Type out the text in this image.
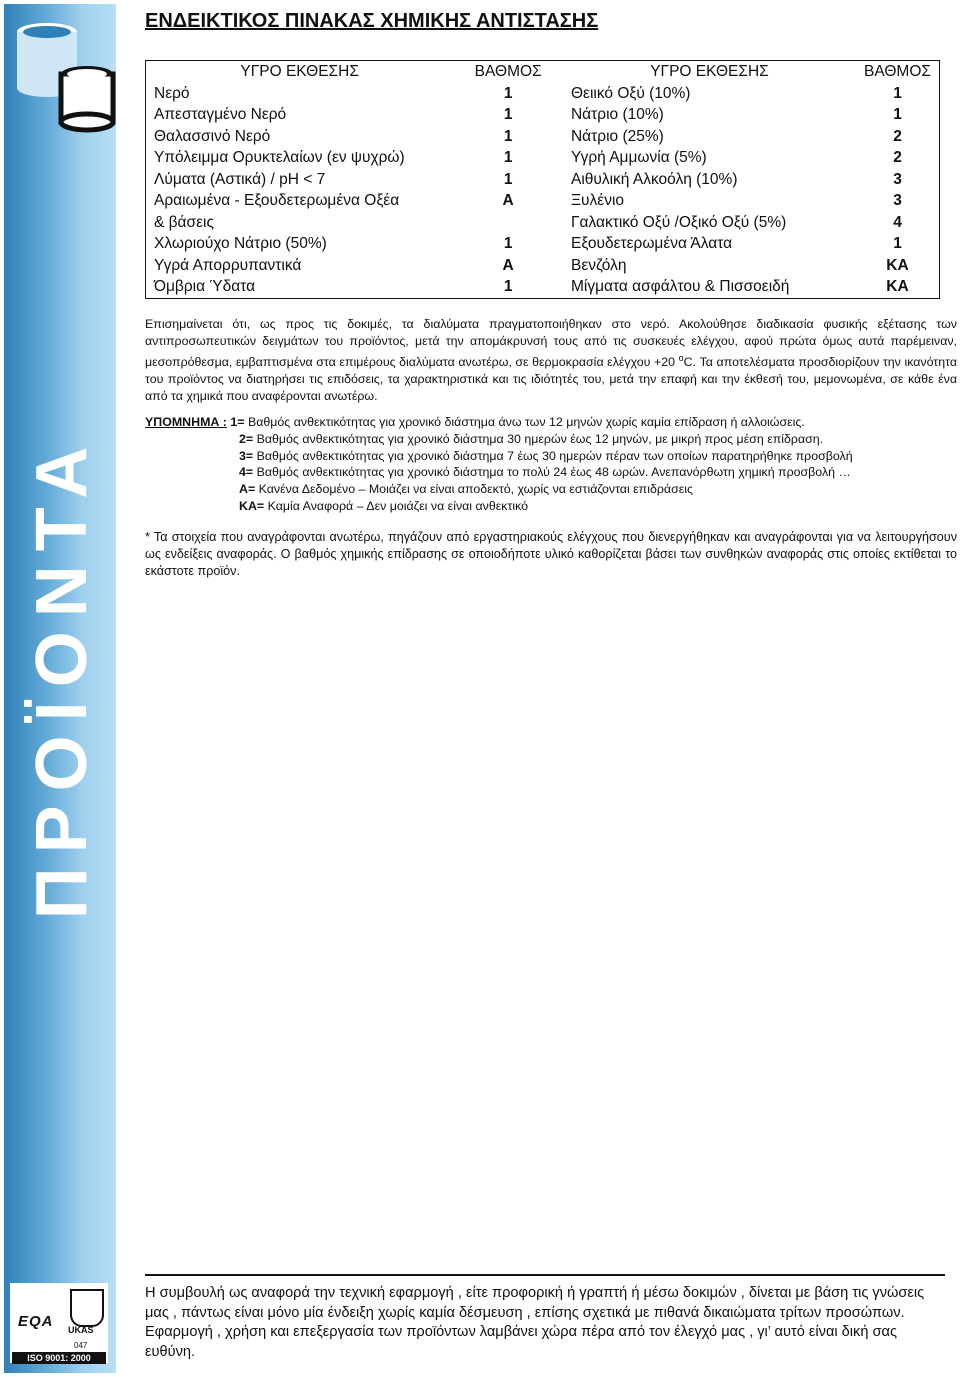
ΠΡΟΪΟΝΤΑ
EQA UKAS
047
ISO 9001: 2000
ΕΝΔΕΙΚΤΙΚΟΣ ΠΙΝΑΚΑΣ ΧΗΜΙΚΗΣ ΑΝΤΙΣΤΑΣΗΣ
ΥΓΡΟ ΕΚΘΕΣΗΣ	ΒΑΘΜΟΣ	ΥΓΡΟ ΕΚΘΕΣΗΣ	ΒΑΘΜΟΣ
Νερό	1	Θειικό Οξύ (10%)	1
Απεσταγμένο Νερό	1	Νάτριο (10%)	1
Θαλασσινό Νερό	1	Νάτριο (25%)	2
Υπόλειμμα Ορυκτελαίων (εν ψυχρώ)	1	Υγρή Αμμωνία (5%)	2
Λύματα (Αστικά) / pH < 7	1	Αιθυλική Αλκοόλη (10%)	3
Αραιωμένα - Εξουδετερωμένα Οξέα	Α	Ξυλένιο	3
& βάσεις		Γαλακτικό Οξύ /Οξικό Οξύ (5%)	4
Χλωριούχο Νάτριο (50%)	1	Εξουδετερωμένα Άλατα	1
Υγρά Απορρυπαντικά	Α	Βενζόλη	ΚΑ
Όμβρια Ύδατα	1	Μίγματα ασφάλτου & Πισσοειδή	ΚΑ

Επισημαίνεται ότι, ως προς τις δοκιμές, τα διαλύματα πραγματοποιήθηκαν στο νερό. Ακολούθησε διαδικασία φυσικής εξέτασης των αντιπροσωπευτικών δειγμάτων του προϊόντος, μετά την απομάκρυνσή τους από τις συσκευές ελέγχου, αφού πρώτα όμως αυτά παρέμειναν, μεσοπρόθεσμα, εμβαπτισμένα στα επιμέρους διαλύματα ανωτέρω, σε θερμοκρασία ελέγχου +20 $^o$C. Τα αποτελέσματα προσδιορίζουν την ικανότητα του προϊόντος να διατηρήσει τις επιδόσεις, τα χαρακτηριστικά και τις ιδιότητές του, μετά την επαφή και την έκθεσή του, μεμονωμένα, σε κάθε ένα από τα χημικά που αναφέρονται ανωτέρω.

ΥΠΟΜΝΗΜΑ : 1= Βαθμός ανθεκτικότητας για χρονικό διάστημα άνω των 12 μηνών χωρίς καμία επίδραση ή αλλοιώσεις.
2= Βαθμός ανθεκτικότητας για χρονικό διάστημα 30 ημερών έως 12 μηνών, με μικρή προς μέση επίδραση.
3= Βαθμός ανθεκτικότητας για χρονικό διάστημα 7 έως 30 ημερών πέραν των οποίων παρατηρήθηκε προσβολή
4= Βαθμός ανθεκτικότητας για χρονικό διάστημα το πολύ 24 έως 48 ωρών. Ανεπανόρθωτη χημική προσβολή …
Α= Κανένα Δεδομένο – Μοιάζει να είναι αποδεκτό, χωρίς να εστιάζονται επιδράσεις
ΚΑ= Καμία Αναφορά – Δεν μοιάζει να είναι ανθεκτικό

* Τα στοιχεία που αναγράφονται ανωτέρω, πηγάζουν από εργαστηριακούς ελέγχους που διενεργήθηκαν και αναγράφονται για να λειτουργήσουν ως ενδείξεις αναφοράς. Ο βαθμός χημικής επίδρασης σε οποιοδήποτε υλικό καθορίζεται βάσει των συνθηκών αναφοράς στις οποίες εκτίθεται το εκάστοτε προϊόν.

Η συμβουλή ως αναφορά την τεχνική εφαρμογή , είτε προφορική ή γραπτή ή μέσω δοκιμών , δίνεται με βάση τις γνώσεις μας , πάντως είναι μόνο μία ένδειξη χωρίς καμία δέσμευση , επίσης σχετικά με πιθανά δικαιώματα τρίτων προσώπων. Εφαρμογή , χρήση και επεξεργασία των προϊόντων λαμβάνει χώρα πέρα από τον έλεγχό μας , γι’ αυτό είναι δική σας ευθύνη.
